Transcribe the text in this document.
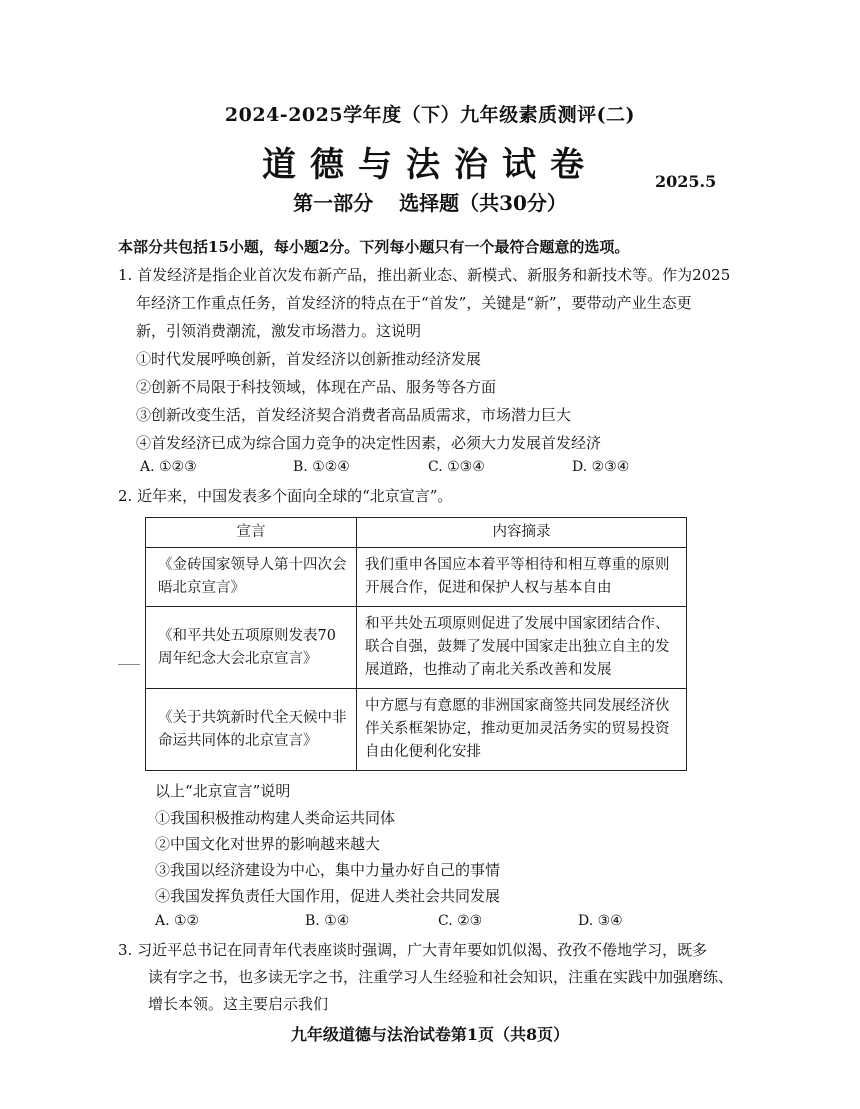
2024-2025学年度（下）九年级素质测评(二)
道德与法治试卷	2025.5
第一部分 选择题（共30分）
本部分共包括15小题，每小题2分。下列每小题只有一个最符合题意的选项。
1. 首发经济是指企业首次发布新产品，推出新业态、新模式、新服务和新技术等。作为2025
年经济工作重点任务，首发经济的特点在于“首发”，关键是“新”，要带动产业生态更
新，引领消费潮流，激发市场潜力。这说明
①时代发展呼唤创新，首发经济以创新推动经济发展
②创新不局限于科技领域，体现在产品、服务等各方面
③创新改变生活，首发经济契合消费者高品质需求，市场潜力巨大
④首发经济已成为综合国力竞争的决定性因素，必须大力发展首发经济
A. ①②③	B. ①②④	C. ①③④	D. ②③④
2. 近年来，中国发表多个面向全球的“北京宣言”。
宣言	内容摘录
《金砖国家领导人第十四次会晤北京宣言》	我们重申各国应本着平等相待和相互尊重的原则开展合作，促进和保护人权与基本自由
《和平共处五项原则发表70周年纪念大会北京宣言》	和平共处五项原则促进了发展中国家团结合作、联合自强，鼓舞了发展中国家走出独立自主的发展道路，也推动了南北关系改善和发展
《关于共筑新时代全天候中非命运共同体的北京宣言》	中方愿与有意愿的非洲国家商签共同发展经济伙伴关系框架协定，推动更加灵活务实的贸易投资自由化便利化安排
以上“北京宣言”说明
①我国积极推动构建人类命运共同体
②中国文化对世界的影响越来越大
③我国以经济建设为中心，集中力量办好自己的事情
④我国发挥负责任大国作用，促进人类社会共同发展
A. ①②	B. ①④	C. ②③	D. ③④
3. 习近平总书记在同青年代表座谈时强调，广大青年要如饥似渴、孜孜不倦地学习，既多
读有字之书，也多读无字之书，注重学习人生经验和社会知识，注重在实践中加强磨练、
增长本领。这主要启示我们
九年级道德与法治试卷第1页（共8页）
